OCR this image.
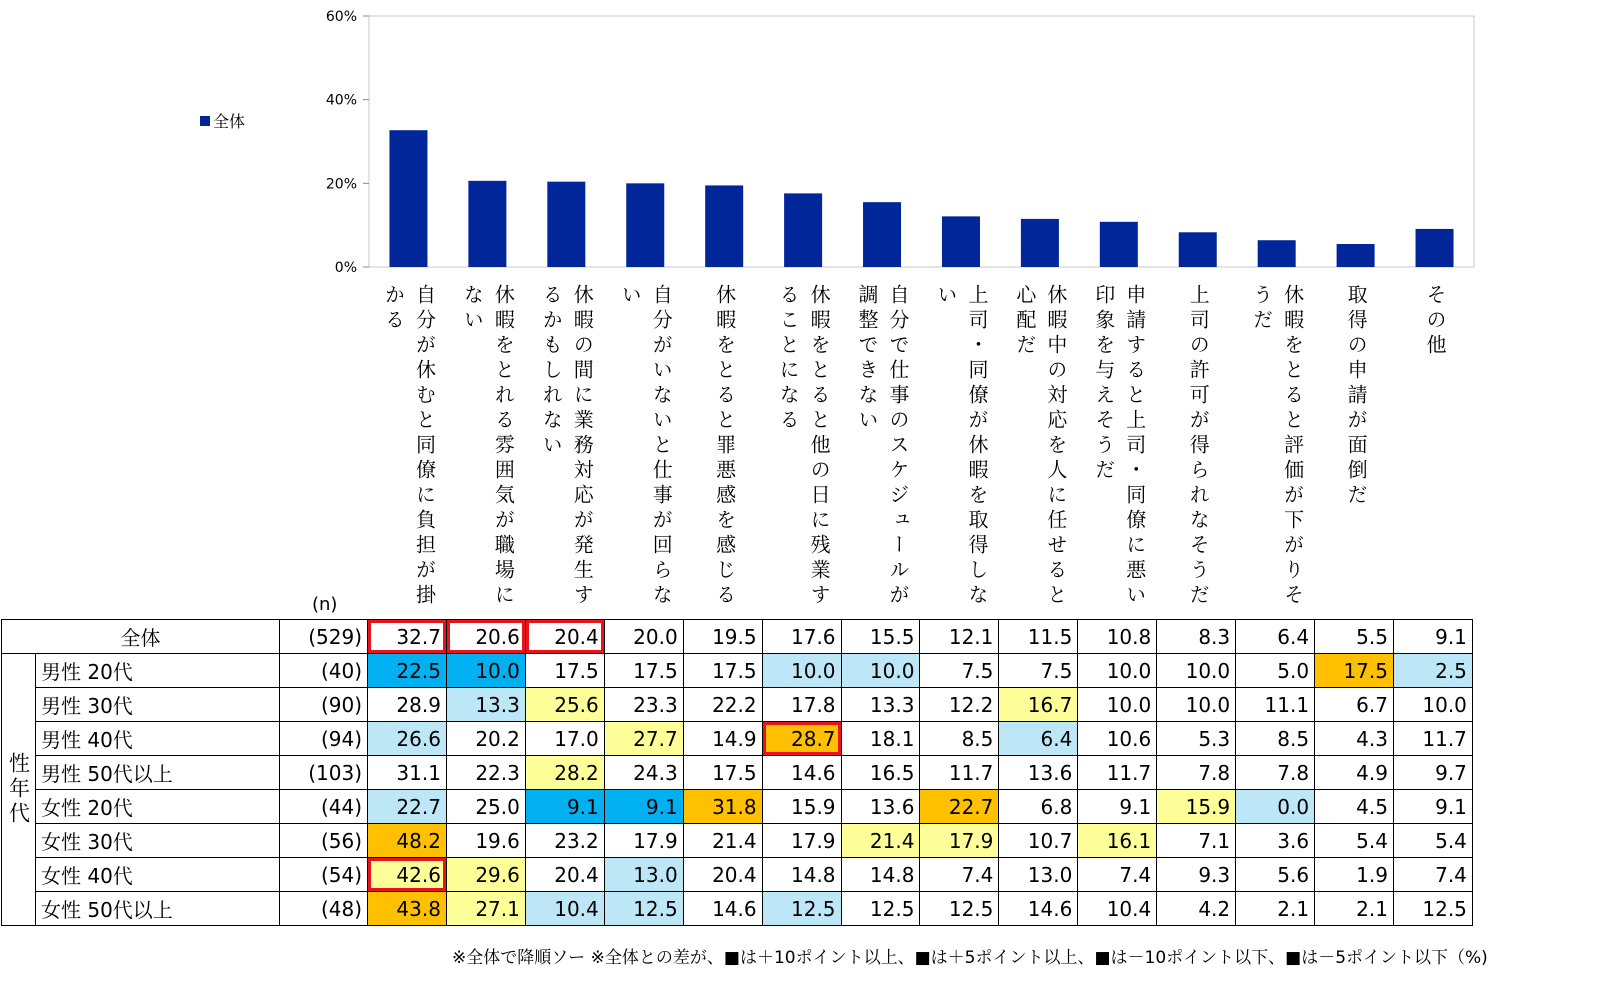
0%
20%
40%
60%
全体
(n)	自分が休むと同僚に負担が掛かる	休暇をとれる雰囲気が職場にない	休暇の間に業務対応が発生するかもしれない	自分がいないと仕事が回らない	休暇をとると罪悪感を感じる	休暇をとると他の日に残業することになる	自分で仕事のスケジュールが調整できない	上司・同僚が休暇を取得しない	休暇中の対応を人に任せると心配だ	申請すると上司・同僚に悪い印象を与えそうだ	上司の許可が得られなそうだ	休暇をとると評価が下がりそうだ	取得の申請が面倒だ	その他
全体		(529)	32.7	20.6	20.4	20.0	19.5	17.6	15.5	12.1	11.5	10.8	8.3	6.4	5.5	9.1
性年代	男性 20代	(40)	22.5	10.0	17.5	17.5	17.5	10.0	10.0	7.5	7.5	10.0	10.0	5.0	17.5	2.5
	男性 30代	(90)	28.9	13.3	25.6	23.3	22.2	17.8	13.3	12.2	16.7	10.0	10.0	11.1	6.7	10.0
	男性 40代	(94)	26.6	20.2	17.0	27.7	14.9	28.7	18.1	8.5	6.4	10.6	5.3	8.5	4.3	11.7
	男性 50代以上	(103)	31.1	22.3	28.2	24.3	17.5	14.6	16.5	11.7	13.6	11.7	7.8	7.8	4.9	9.7
	女性 20代	(44)	22.7	25.0	9.1	9.1	31.8	15.9	13.6	22.7	6.8	9.1	15.9	0.0	4.5	9.1
	女性 30代	(56)	48.2	19.6	23.2	17.9	21.4	17.9	21.4	17.9	10.7	16.1	7.1	3.6	5.4	5.4
	女性 40代	(54)	42.6	29.6	20.4	13.0	20.4	14.8	14.8	7.4	13.0	7.4	9.3	5.6	1.9	7.4
	女性 50代以上	(48)	43.8	27.1	10.4	12.5	14.6	12.5	12.5	12.5	14.6	10.4	4.2	2.1	2.1	12.5
※全体で降順ソー ※全体との差が、■は＋10ポイント以上、■は＋5ポイント以上、■は－10ポイント以下、■は－5ポイント以下（%)
